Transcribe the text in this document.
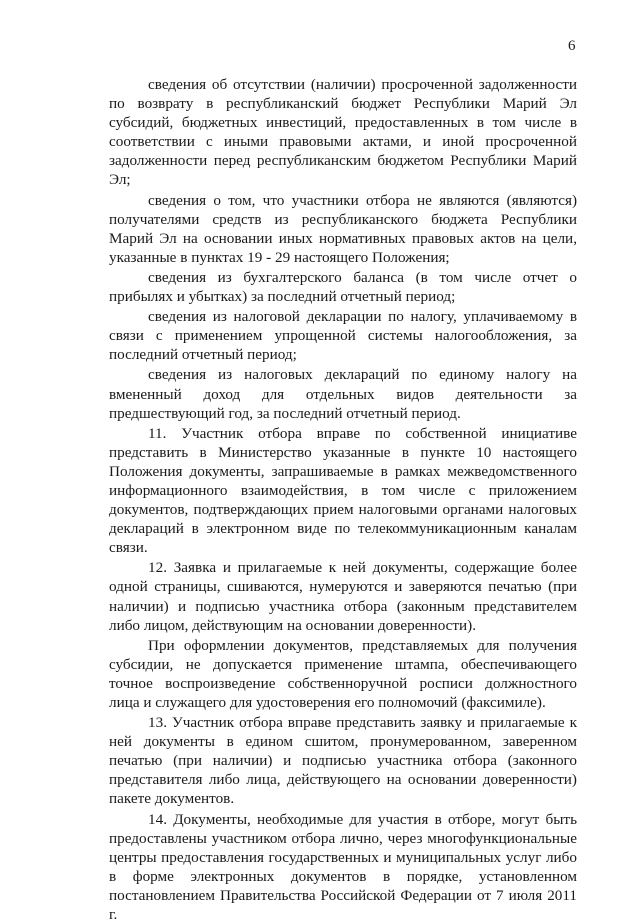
6

сведения об отсутствии (наличии) просроченной задолженности по возврату в республиканский бюджет Республики Марий Эл субсидий, бюджетных инвестиций, предоставленных в том числе в соответствии с иными правовыми актами, и иной просроченной задолженности перед республиканским бюджетом Республики Марий Эл;

сведения о том, что участники отбора не являются (являются) получателями средств из республиканского бюджета Республики Марий Эл на основании иных нормативных правовых актов на цели, указанные в пунктах 19 - 29 настоящего Положения;

сведения из бухгалтерского баланса (в том числе отчет о прибылях и убытках) за последний отчетный период;

сведения из налоговой декларации по налогу, уплачиваемому в связи с применением упрощенной системы налогообложения, за последний отчетный период;

сведения из налоговых деклараций по единому налогу на вмененный доход для отдельных видов деятельности за предшествующий год, за последний отчетный период.

11. Участник отбора вправе по собственной инициативе представить в Министерство указанные в пункте 10 настоящего Положения документы, запрашиваемые в рамках межведомственного информационного взаимодействия, в том числе с приложением документов, подтверждающих прием налоговыми органами налоговых деклараций в электронном виде по телекоммуникационным каналам связи.

12. Заявка и прилагаемые к ней документы, содержащие более одной страницы, сшиваются, нумеруются и заверяются печатью (при наличии) и подписью участника отбора (законным представителем либо лицом, действующим на основании доверенности).

При оформлении документов, представляемых для получения субсидии, не допускается применение штампа, обеспечивающего точное воспроизведение собственноручной росписи должностного лица и служащего для удостоверения его полномочий (факсимиле).

13. Участник отбора вправе представить заявку и прилагаемые к ней документы в едином сшитом, пронумерованном, заверенном печатью (при наличии) и подписью участника отбора (законного представителя либо лица, действующего на основании доверенности) пакете документов.

14. Документы, необходимые для участия в отборе, могут быть предоставлены участником отбора лично, через многофункциональные центры предоставления государственных и муниципальных услуг либо в форме электронных документов в порядке, установленном постановлением Правительства Российской Федерации от 7 июля 2011 г.
